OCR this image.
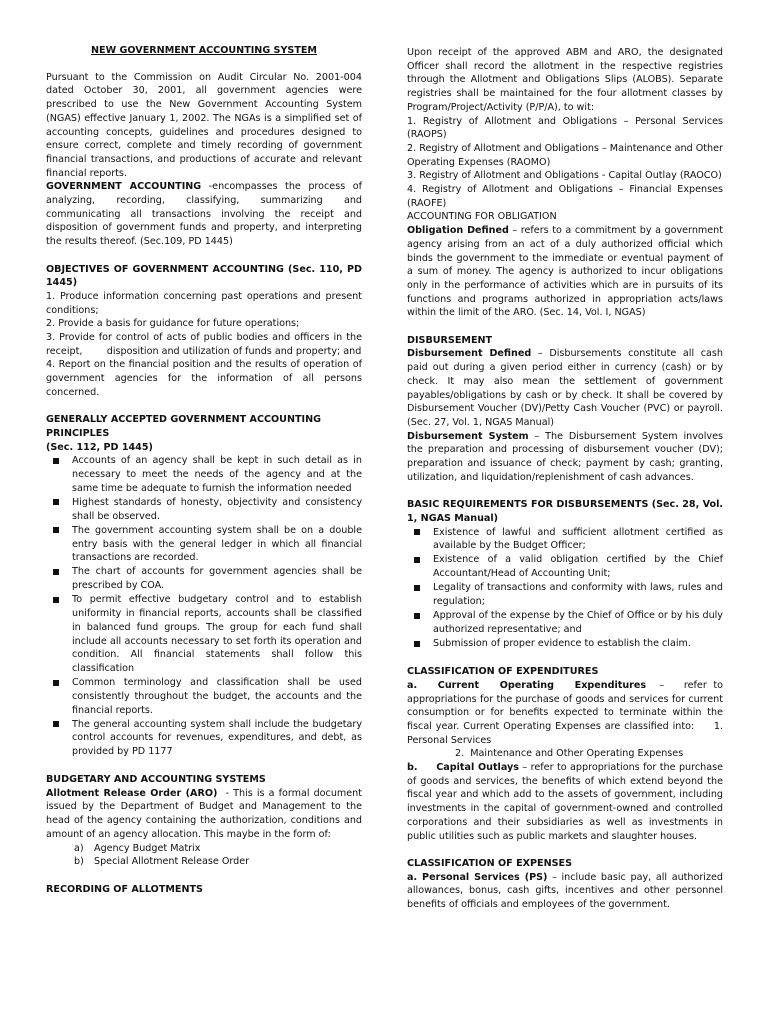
NEW GOVERNMENT ACCOUNTING SYSTEM

Pursuant to the Commission on Audit Circular No. 2001-004 dated October 30, 2001, all government agencies were prescribed to use the New Government Accounting System (NGAS) effective January 1, 2002. The NGAs is a simplified set of accounting concepts, guidelines and procedures designed to ensure correct, complete and timely recording of government financial transactions, and productions of accurate and relevant financial reports.

GOVERNMENT ACCOUNTING -encompasses the process of analyzing, recording, classifying, summarizing and communicating all transactions involving the receipt and disposition of government funds and property, and interpreting the results thereof. (Sec.109, PD 1445)

OBJECTIVES OF GOVERNMENT ACCOUNTING (Sec. 110, PD 1445)

1. Produce information concerning past operations and present conditions;
2. Provide a basis for guidance for future operations;
3. Provide for control of acts of public bodies and officers in the receipt,        disposition and utilization of funds and property; and
4. Report on the financial position and the results of operation of government agencies for the information of all persons concerned.

GENERALLY ACCEPTED GOVERNMENT ACCOUNTING PRINCIPLES

(Sec. 112, PD 1445)

Accounts of an agency shall be kept in such detail as in necessary to meet the needs of the agency and at the same time be adequate to furnish the information needed
Highest standards of honesty, objectivity and consistency shall be observed.
The government accounting system shall be on a double entry basis with the general ledger in which all financial transactions are recorded.
The chart of accounts for government agencies shall be prescribed by COA.
To permit effective budgetary control and to establish uniformity in financial reports, accounts shall be classified in balanced fund groups. The group for each fund shall include all accounts necessary to set forth its operation and condition. All financial statements shall follow this classification
Common terminology and classification shall be used consistently throughout the budget, the accounts and the financial reports.
The general accounting system shall include the budgetary control accounts for revenues, expenditures, and debt, as provided by PD 1177

BUDGETARY AND ACCOUNTING SYSTEMS

Allotment Release Order (ARO)  - This is a formal document issued by the Department of Budget and Management to the head of the agency containing the authorization, conditions and amount of an agency allocation. This maybe in the form of:

a) Agency Budget Matrix
b) Special Allotment Release Order

RECORDING OF ALLOTMENTS

Upon receipt of the approved ABM and ARO, the designated Officer shall record the allotment in the respective registries through the Allotment and Obligations Slips (ALOBS). Separate registries shall be maintained for the four allotment classes by Program/Project/Activity (P/P/A), to wit:

1. Registry of Allotment and Obligations – Personal Services (RAOPS)
2. Registry of Allotment and Obligations – Maintenance and Other Operating Expenses (RAOMO)
3. Registry of Allotment and Obligations - Capital Outlay (RAOCO)
4. Registry of Allotment and Obligations – Financial Expenses (RAOFE)

ACCOUNTING FOR OBLIGATION

Obligation Defined – refers to a commitment by a government agency arising from an act of a duly authorized official which binds the government to the immediate or eventual payment of a sum of money. The agency is authorized to incur obligations only in the performance of activities which are in pursuits of its functions and programs authorized in appropriation acts/laws within the limit of the ARO. (Sec. 14, Vol. I, NGAS)

DISBURSEMENT

Disbursement Defined – Disbursements constitute all cash paid out during a given period either in currency (cash) or by check. It may also mean the settlement of government payables/obligations by cash or by check. It shall be covered by Disbursement Voucher (DV)/Petty Cash Voucher (PVC) or payroll. (Sec. 27, Vol. 1, NGAS Manual)

Disbursement System – The Disbursement System involves the preparation and processing of disbursement voucher (DV); preparation and issuance of check; payment by cash; granting, utilization, and liquidation/replenishment of cash advances.

BASIC REQUIREMENTS FOR DISBURSEMENTS (Sec. 28, Vol. 1, NGAS Manual)

Existence of lawful and sufficient allotment certified as available by the Budget Officer;
Existence of a valid obligation certified by the Chief Accountant/Head of Accounting Unit;
Legality of transactions and conformity with laws, rules and regulation;
Approval of the expense by the Chief of Office or by his duly authorized representative; and
Submission of proper evidence to establish the claim.

CLASSIFICATION OF EXPENDITURES

a.   Current   Operating   Expenditures  –   refer to appropriations for the purchase of goods and services for current consumption or for benefits expected to terminate within the fiscal year. Current Operating Expenses are classified into:     1. Personal Services

2.  Maintenance and Other Operating Expenses

b.     Capital Outlays – refer to appropriations for the purchase of goods and services, the benefits of which extend beyond the fiscal year and which add to the assets of government, including investments in the capital of government-owned and controlled corporations and their subsidiaries as well as investments in public utilities such as public markets and slaughter houses.

CLASSIFICATION OF EXPENSES

a. Personal Services (PS) – include basic pay, all authorized allowances, bonus, cash gifts, incentives and other personnel benefits of officials and employees of the government.
